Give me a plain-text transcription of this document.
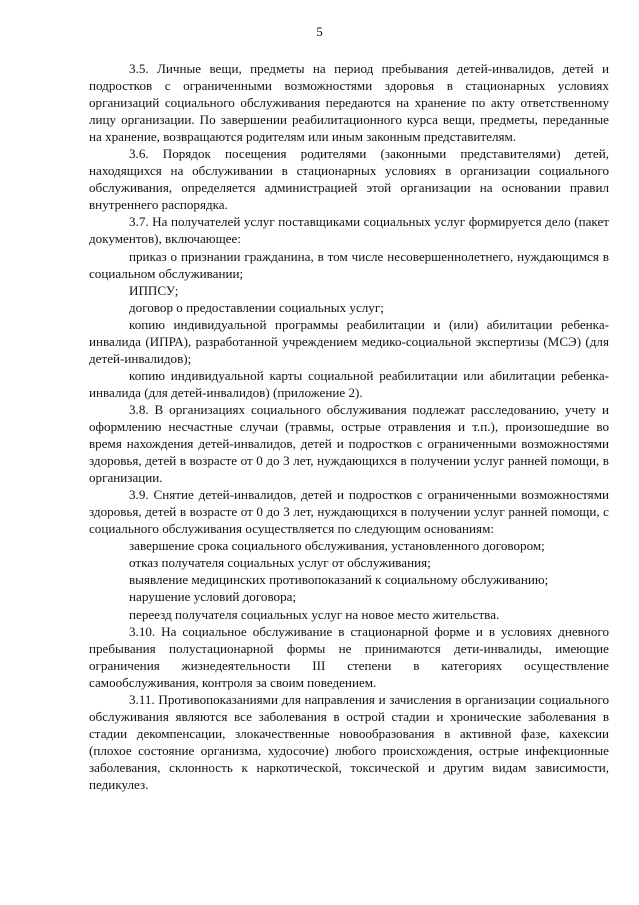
5

3.5. Личные вещи, предметы на период пребывания детей-инвалидов, детей и подростков с ограниченными возможностями здоровья в стационарных условиях организаций социального обслуживания передаются на хранение по акту ответственному лицу организации. По завершении реабилитационного курса вещи, предметы, переданные на хранение, возвращаются родителям или иным законным представителям.

3.6. Порядок посещения родителями (законными представителями) детей, находящихся на обслуживании в стационарных условиях в организации социального обслуживания, определяется администрацией этой организации на основании правил внутреннего распорядка.

3.7. На получателей услуг поставщиками социальных услуг формируется дело (пакет документов), включающее:

приказ о признании гражданина, в том числе несовершеннолетнего, нуждающимся в социальном обслуживании;

ИППСУ;

договор о предоставлении социальных услуг;

копию индивидуальной программы реабилитации и (или) абилитации ребенка-инвалида (ИПРА), разработанной учреждением медико-социальной экспертизы (МСЭ) (для детей-инвалидов);

копию индивидуальной карты социальной реабилитации или абилитации ребенка-инвалида (для детей-инвалидов) (приложение 2).

3.8. В организациях социального обслуживания подлежат расследованию, учету и оформлению несчастные случаи (травмы, острые отравления и т.п.), произошедшие во время нахождения детей-инвалидов, детей и подростков с ограниченными возможностями здоровья, детей в возрасте от 0 до 3 лет, нуждающихся в получении услуг ранней помощи, в организации.

3.9. Снятие детей-инвалидов, детей и подростков с ограниченными возможностями здоровья, детей в возрасте от 0 до 3 лет, нуждающихся в получении услуг ранней помощи, с социального обслуживания осуществляется по следующим основаниям:

завершение срока социального обслуживания, установленного договором;

отказ получателя социальных услуг от обслуживания;

выявление медицинских противопоказаний к социальному обслуживанию;

нарушение условий договора;

переезд получателя социальных услуг на новое место жительства.

3.10. На социальное обслуживание в стационарной форме и в условиях дневного пребывания полустационарной формы не принимаются дети-инвалиды, имеющие ограничения жизнедеятельности III степени в категориях осуществление самообслуживания, контроля за своим поведением.

3.11. Противопоказаниями для направления и зачисления в организации социального обслуживания являются все заболевания в острой стадии и хронические заболевания в стадии декомпенсации, злокачественные новообразования в активной фазе, кахексии (плохое состояние организма, худосочие) любого происхождения, острые инфекционные заболевания, склонность к наркотической, токсической и другим видам зависимости, педикулез.
